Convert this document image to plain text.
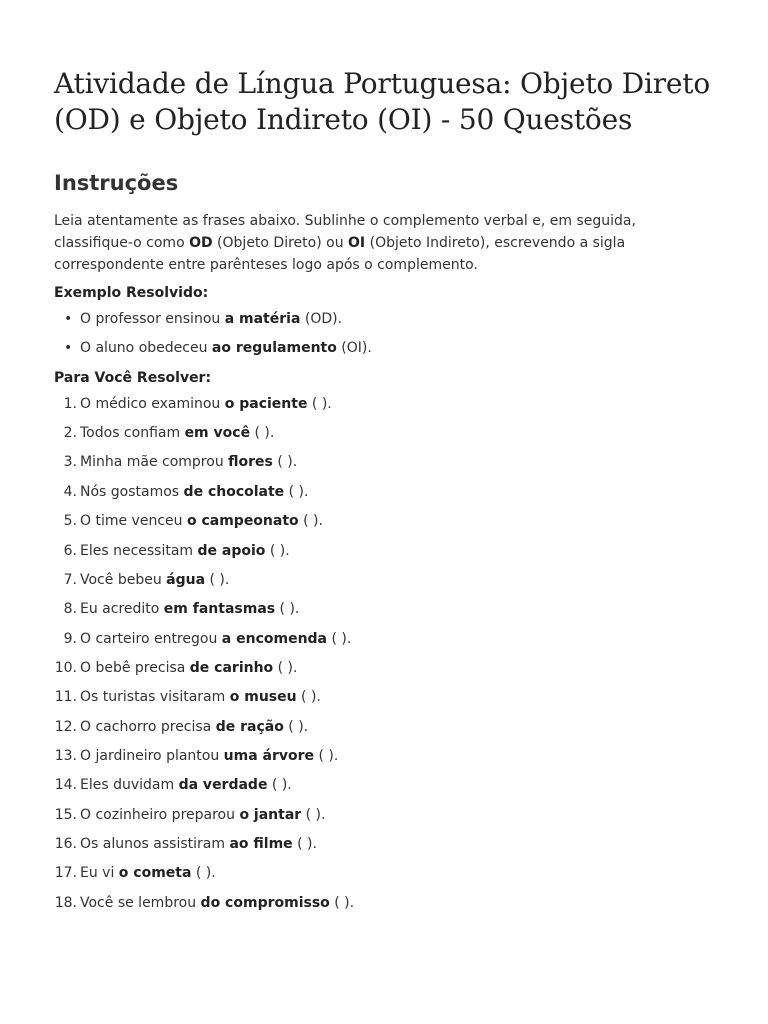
Atividade de Língua Portuguesa: Objeto Direto (OD) e Objeto Indireto (OI) - 50 Questões
Instruções

Leia atentamente as frases abaixo. Sublinhe o complemento verbal e, em seguida, classifique-o como OD (Objeto Direto) ou OI (Objeto Indireto), escrevendo a sigla correspondente entre parênteses logo após o complemento.

Exemplo Resolvido:

• O professor ensinou a matéria (OD).
• O aluno obedeceu ao regulamento (OI).

Para Você Resolver:

1. O médico examinou o paciente ( ).
2. Todos confiam em você ( ).
3. Minha mãe comprou flores ( ).
4. Nós gostamos de chocolate ( ).
5. O time venceu o campeonato ( ).
6. Eles necessitam de apoio ( ).
7. Você bebeu água ( ).
8. Eu acredito em fantasmas ( ).
9. O carteiro entregou a encomenda ( ).
10. O bebê precisa de carinho ( ).
11. Os turistas visitaram o museu ( ).
12. O cachorro precisa de ração ( ).
13. O jardineiro plantou uma árvore ( ).
14. Eles duvidam da verdade ( ).
15. O cozinheiro preparou o jantar ( ).
16. Os alunos assistiram ao filme ( ).
17. Eu vi o cometa ( ).
18. Você se lembrou do compromisso ( ).
